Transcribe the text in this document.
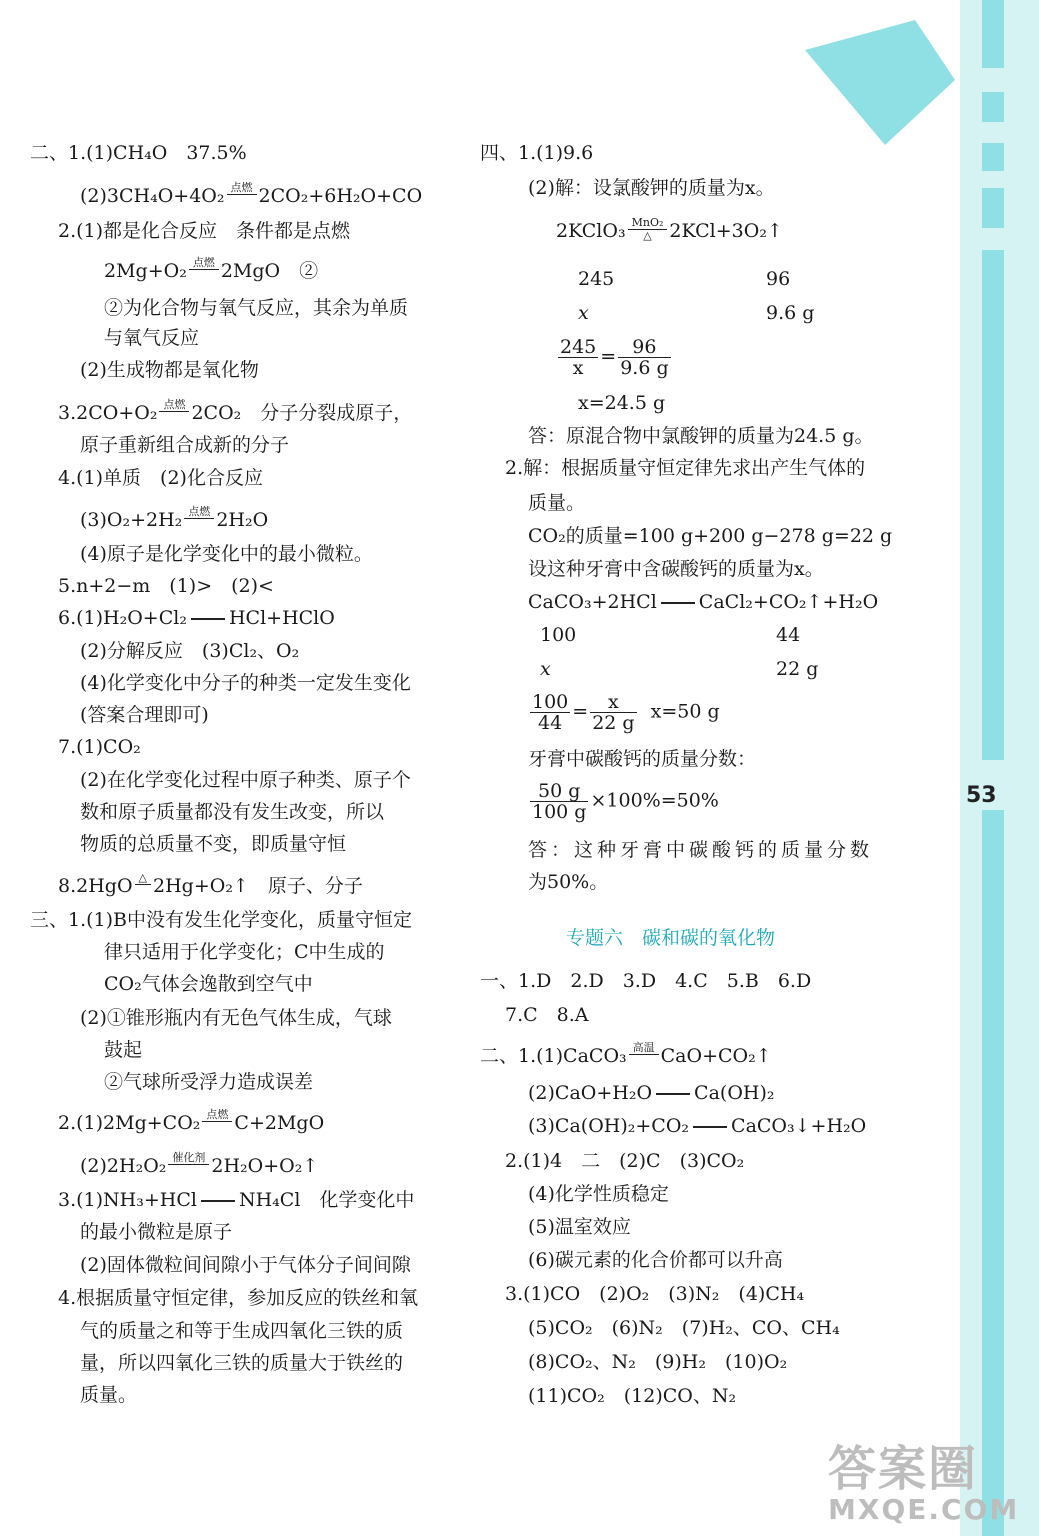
53
二、1.(1)CH₄O　37.5%
(2)3CH₄O+4O₂ 点燃
2CO₂+6H₂O+CO
2.(1)都是化合反应　条件都是点燃
2Mg+O₂ 点燃
2MgO　②
②为化合物与氧气反应，其余为单质
与氧气反应
(2)生成物都是氧化物
3.2CO+O₂ 点燃
2CO₂　分子分裂成原子，
原子重新组合成新的分子
4.(1)单质　(2)化合反应
(3)O₂+2H₂ 点燃
2H₂O
(4)原子是化学变化中的最小微粒。
5.n+2−m　(1)>　(2)<
6.(1)H₂O+Cl₂ HCl+HClO
(2)分解反应　(3)Cl₂、O₂
(4)化学变化中分子的种类一定发生变化
(答案合理即可)
7.(1)CO₂
(2)在化学变化过程中原子种类、原子个
数和原子质量都没有发生改变，所以
物质的总质量不变，即质量守恒
8.2HgO △
2Hg+O₂↑　原子、分子
三、1.(1)B中没有发生化学变化，质量守恒定
律只适用于化学变化；C中生成的
CO₂气体会逸散到空气中
(2)①锥形瓶内有无色气体生成，气球
鼓起
②气球所受浮力造成误差
2.(1)2Mg+CO₂ 点燃
C+2MgO
(2)2H₂O₂ 催化剂
2H₂O+O₂↑
3.(1)NH₃+HCl NH₄Cl　化学变化中
的最小微粒是原子
(2)固体微粒间间隙小于气体分子间间隙
4.根据质量守恒定律，参加反应的铁丝和氧
气的质量之和等于生成四氧化三铁的质
量，所以四氧化三铁的质量大于铁丝的
质量。
四、1.(1)9.6
(2)解：设氯酸钾的质量为x。
2KClO₃ MnO₂
△ 2KCl+3O₂↑
245	96
x	9.6 g
$\frac{245}{x} = \frac{96}{9.6 g}$
x=24.5 g
答：原混合物中氯酸钾的质量为24.5 g。
2.解：根据质量守恒定律先求出产生气体的
质量。
CO₂的质量=100 g+200 g−278 g=22 g
设这种牙膏中含碳酸钙的质量为x。
CaCO₃+2HCl CaCl₂+CO₂↑+H₂O
100	44
x	22 g
$\frac{100}{44} = \frac{x}{22 g} x=50$ g
牙膏中碳酸钙的质量分数：
$\frac{50 g}{100 g} \times 100\%=50\%$
答：这种牙膏中碳酸钙的质量分数
为50%。
专题六　碳和碳的氧化物
一、1.D　2.D　3.D　4.C　5.B　6.D
7.C　8.A
二、1.(1)CaCO₃ 高温
CaO+CO₂↑
(2)CaO+H₂O Ca(OH)₂
(3)Ca(OH)₂+CO₂ CaCO₃↓+H₂O
2.(1)4　二　(2)C　(3)CO₂
(4)化学性质稳定
(5)温室效应
(6)碳元素的化合价都可以升高
3.(1)CO　(2)O₂　(3)N₂　(4)CH₄
(5)CO₂　(6)N₂　(7)H₂、CO、CH₄
(8)CO₂、N₂　(9)H₂　(10)O₂
(11)CO₂　(12)CO、N₂
答案圈
MXQE.COM
